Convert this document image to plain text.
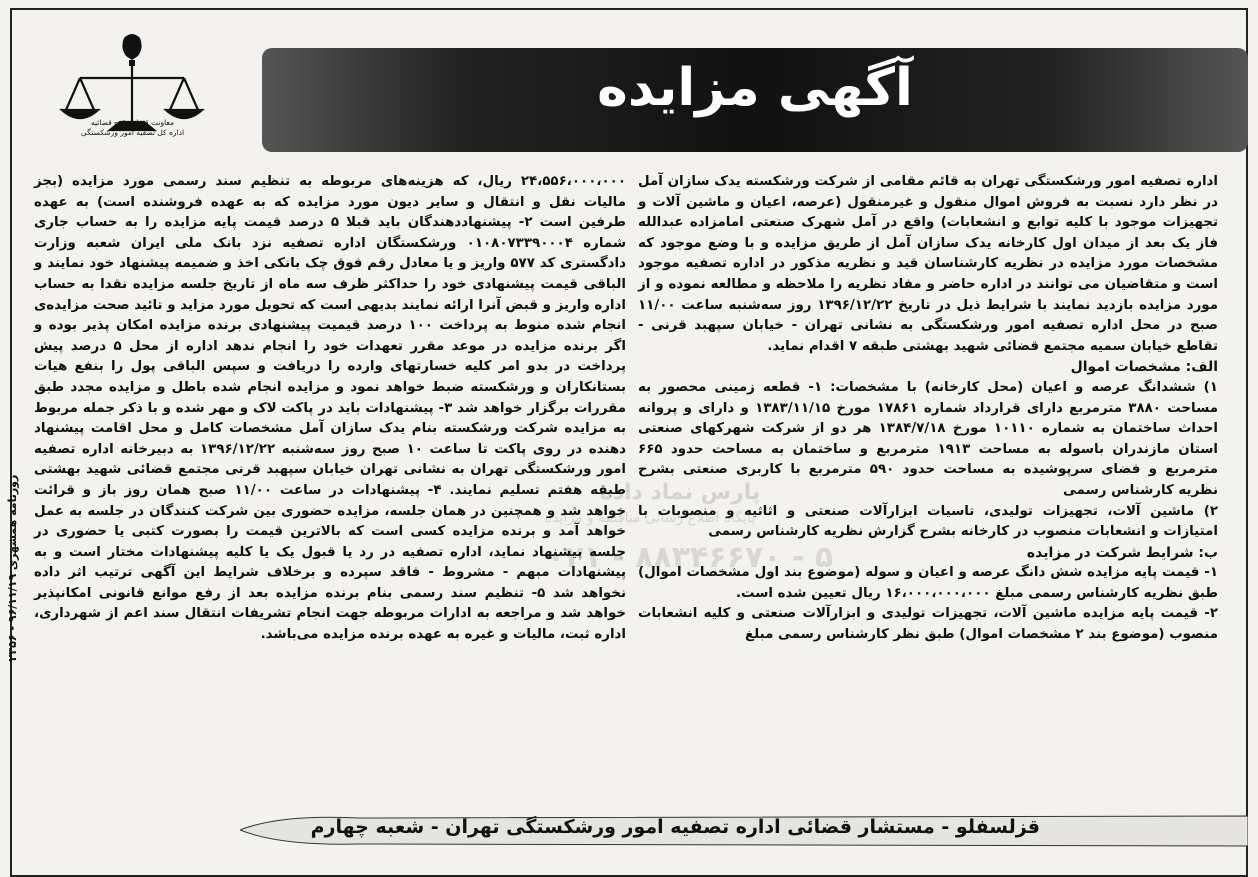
معاونت قضایی قوه قضائیه
اداره کل تصفیه امور ورشکستگی
آگهی مزایده
روزنامه همشهری ۹۶/۱۱/۱۹ - ۲۳۵۶	پارس نماد داده
پایگاه اطلاع رسانی مناقصه و مزایده
۰۲۱ - ۸۸۳۴۶۶۷۰ - ۵

اداره تصفیه امور ورشکستگی تهران به قائم مقامی از شرکت ورشکسته یدک سازان آمل در نظر دارد نسبت به فروش اموال منقول و غیرمنقول (عرصه، اعیان و ماشین آلات و تجهیزات موجود با کلیه توابع و انشعابات) واقع در آمل شهرک صنعتی امامزاده عبدالله فاز یک بعد از میدان اول کارخانه یدک سازان آمل از طریق مزایده و با وضع موجود که مشخصات مورد مزایده در نظریه کارشناسان قید و نظریه مذکور در اداره تصفیه موجود است و متقاضیان می توانند در اداره حاضر و مفاد نظریه را ملاحظه و مطالعه نموده و از مورد مزایده بازدید نمایند با شرایط ذیل در تاریخ ۱۳۹۶/۱۲/۲۲ روز سه‌شنبه ساعت ۱۱/۰۰ صبح در محل اداره تصفیه امور ورشکستگی به نشانی تهران - خیابان سپهبد قرنی - تقاطع خیابان سمیه مجتمع قضائی شهید بهشتی طبقه ۷ اقدام نماید.

الف: مشخصات اموال

۱) ششدانگ عرصه و اعیان (محل کارخانه) با مشخصات: ۱- قطعه زمینی محصور به مساحت ۳۸۸۰ مترمربع دارای قرارداد شماره ۱۷۸۶۱ مورخ ۱۳۸۳/۱۱/۱۵ و دارای و پروانه احداث ساختمان به شماره ۱۰۱۱۰ مورخ ۱۳۸۴/۷/۱۸ هر دو از شرکت شهرکهای صنعتی استان مازندران باسوله به مساحت ۱۹۱۳ مترمربع و ساختمان به مساحت حدود ۶۶۵ مترمربع و فضای سرپوشیده به مساحت حدود ۵۹۰ مترمربع با کاربری صنعتی بشرح نظریه کارشناس رسمی

۲) ماشین آلات، تجهیزات تولیدی، تاسیات ابزارآلات صنعتی و اثاثیه و منصوبات با امتیازات و انشعابات منصوب در کارخانه بشرح گزارش نظریه کارشناس رسمی

ب: شرایط شرکت در مزایده

۱- قیمت پایه مزایده شش دانگ عرصه و اعیان و سوله (موضوع بند اول مشخصات اموال) طبق نظریه کارشناس رسمی مبلغ ۱۶،۰۰۰،۰۰۰،۰۰۰ ریال تعیین شده است.

۲- قیمت پایه مزایده ماشین آلات، تجهیزات تولیدی و ابزارآلات صنعتی و کلیه انشعابات منصوب (موضوع بند ۲ مشخصات اموال) طبق نظر کارشناس رسمی مبلغ

۲۴،۵۵۶،۰۰۰،۰۰۰ ریال، که هزینه‌های مربوطه به تنظیم سند رسمی مورد مزایده (بجز مالیات نقل و انتقال و سایر دیون مورد مزایده که به عهده فروشنده است) به عهده طرفین است ۲- پیشنهاددهندگان باید قبلا ۵ درصد قیمت پایه مزایده را به حساب جاری شماره ۰۱۰۸۰۷۳۳۹۰۰۰۴ ورشکستگان اداره تصفیه نزد بانک ملی ایران شعبه وزارت دادگستری کد ۵۷۷ واریز و یا معادل رقم فوق چک بانکی اخذ و ضمیمه پیشنهاد خود نمایند و الباقی قیمت پیشنهادی خود را حداکثر ظرف سه ماه از تاریخ جلسه مزایده نقدا به حساب اداره واریز و قبض آنرا ارائه نمایند بدیهی است که تحویل مورد مزاید و تائید صحت مزایده‌ی انجام شده منوط به پرداخت ۱۰۰ درصد قیمیت پیشنهادی برنده مزایده امکان پذیر بوده و اگر برنده مزایده در موعد مقرر تعهدات خود را انجام ندهد اداره از محل ۵ درصد پیش پرداخت در بدو امر کلیه خسارتهای وارده را دریافت و سپس الباقی پول را بنفع هیات بستانکاران و ورشکسته ضبط خواهد نمود و مزایده انجام شده باطل و مزایده مجدد طبق مقررات برگزار خواهد شد ۳- پیشنهادات باید در پاکت لاک و مهر شده و با ذکر جمله مربوط به مزایده شرکت ورشکسته بنام یدک سازان آمل مشخصات کامل و محل اقامت پیشنهاد دهنده در روی پاکت تا ساعت ۱۰ صبح روز سه‌شنبه ۱۳۹۶/۱۲/۲۲ به دبیرخانه اداره تصفیه امور ورشکستگی تهران به نشانی تهران خیابان سپهبد قرنی مجتمع قضائی شهید بهشتی طبقه هفتم تسلیم نمایند. ۴- پیشنهادات در ساعت ۱۱/۰۰ صبح همان روز باز و قرائت خواهد شد و همچنین در همان جلسه، مزایده حضوری بین شرکت کنندگان در جلسه به عمل خواهد آمد و برنده مزایده کسی است که بالاترین قیمت را بصورت کتبی یا حضوری در جلسه پیشنهاد نماید، اداره تصفیه در رد یا قبول یک یا کلیه پیشنهادات مختار است و به پیشنهادات مبهم - مشروط - فاقد سپرده و برخلاف شرایط این آگهی ترتیب اثر داده نخواهد شد ۵- تنظیم سند رسمی بنام برنده مزایده بعد از رفع موانع قانونی امکانپذیر خواهد شد و مراجعه به ادارات مربوطه جهت انجام تشریفات انتقال سند اعم از شهرداری، اداره ثبت، مالیات و غیره به عهده برنده مزایده می‌باشد.

قزلسفلو - مستشار قضائی اداره تصفیه امور ورشکستگی تهران - شعبه چهارم
